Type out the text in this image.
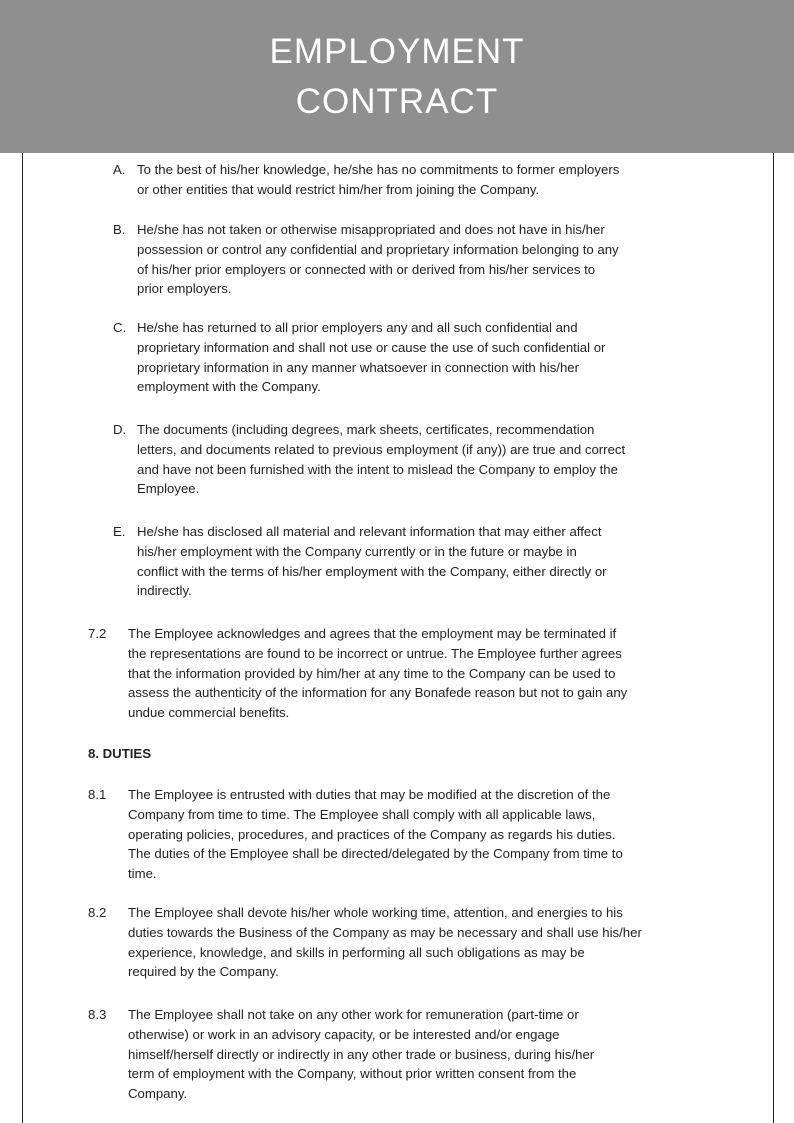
EMPLOYMENT
CONTRACT
A. To the best of his/her knowledge, he/she has no commitments to former employers
or other entities that would restrict him/her from joining the Company.
B. He/she has not taken or otherwise misappropriated and does not have in his/her
possession or control any confidential and proprietary information belonging to any
of his/her prior employers or connected with or derived from his/her services to
prior employers.
C. He/she has returned to all prior employers any and all such confidential and
proprietary information and shall not use or cause the use of such confidential or
proprietary information in any manner whatsoever in connection with his/her
employment with the Company.
D. The documents (including degrees, mark sheets, certificates, recommendation
letters, and documents related to previous employment (if any)) are true and correct
and have not been furnished with the intent to mislead the Company to employ the
Employee.
E. He/she has disclosed all material and relevant information that may either affect
his/her employment with the Company currently or in the future or maybe in
conflict with the terms of his/her employment with the Company, either directly or
indirectly.
7.2 The Employee acknowledges and agrees that the employment may be terminated if
the representations are found to be incorrect or untrue. The Employee further agrees
that the information provided by him/her at any time to the Company can be used to
assess the authenticity of the information for any Bonafede reason but not to gain any
undue commercial benefits.
8. DUTIES
8.1 The Employee is entrusted with duties that may be modified at the discretion of the
Company from time to time. The Employee shall comply with all applicable laws,
operating policies, procedures, and practices of the Company as regards his duties.
The duties of the Employee shall be directed/delegated by the Company from time to
time.
8.2 The Employee shall devote his/her whole working time, attention, and energies to his
duties towards the Business of the Company as may be necessary and shall use his/her
experience, knowledge, and skills in performing all such obligations as may be
required by the Company.
8.3 The Employee shall not take on any other work for remuneration (part-time or
otherwise) or work in an advisory capacity, or be interested and/or engage
himself/herself directly or indirectly in any other trade or business, during his/her
term of employment with the Company, without prior written consent from the
Company.
